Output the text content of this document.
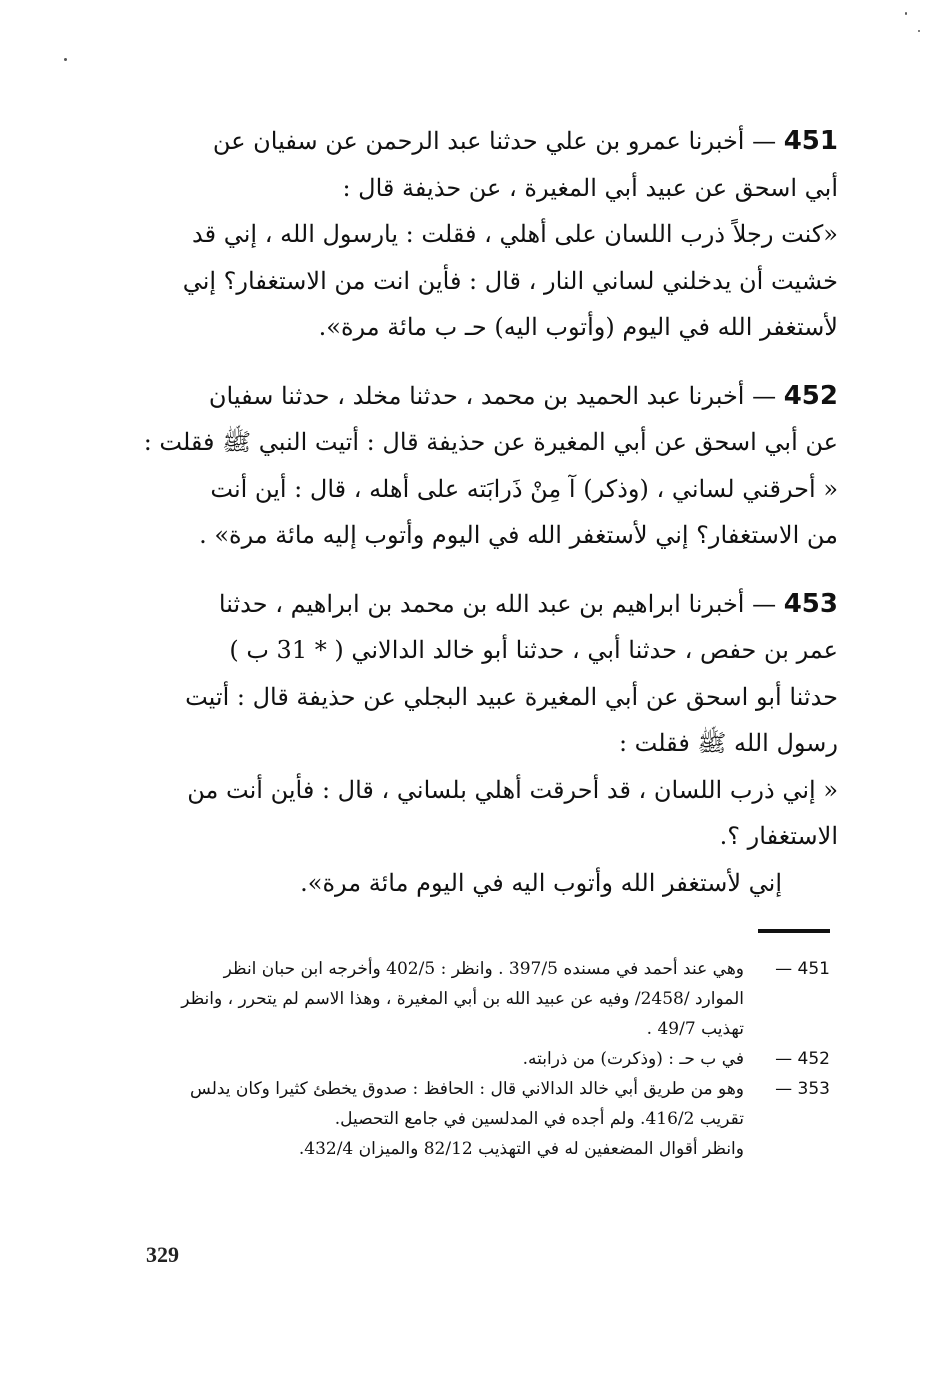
451 — أخبرنا عمرو بن علي حدثنا عبد الرحمن عن سفيان عن
أبي اسحق عن عبيد أبي المغيرة ، عن حذيفة قال :
«كنت رجلاً ذرب اللسان على أهلي ، فقلت : يارسول الله ، إني قد
خشيت أن يدخلني لساني النار ، قال : فأين انت من الاستغفار؟ إني
لأستغفر الله في اليوم (وأتوب اليه) حـ ب مائة مرة».
452 — أخبرنا عبد الحميد بن محمد ، حدثنا مخلد ، حدثنا سفيان
عن أبي اسحق عن أبي المغيرة عن حذيفة قال : أتيت النبي ﷺ فقلت :
« أحرقني لساني ، (وذكر) آ مِنْ ذَرابَته على أهله ، قال : أين أنت
من الاستغفار؟ إني لأستغفر الله في اليوم وأتوب إليه مائة مرة» .
453 — أخبرنا ابراهيم بن عبد الله بن محمد بن ابراهيم ، حدثنا
عمر بن حفص ، حدثنا أبي ، حدثنا أبو خالد الدالاني ( * 31 ب )
حدثنا أبو اسحق عن أبي المغيرة عبيد البجلي عن حذيفة قال : أتيت
رسول الله ﷺ فقلت :
« إني ذرب اللسان ، قد أحرقت أهلي بلساني ، قال : فأين أنت من
الاستغفار ؟.
إني لأستغفر الله وأتوب اليه في اليوم مائة مرة».
451 —
وهي عند أحمد في مسنده 397/5 . وانظر : 402/5 وأخرجه ابن حبان انظر
الموارد /2458/ وفيه عن عبيد الله بن أبي المغيرة ، وهذا الاسم لم يتحرر ، وانظر
تهذيب 49/7 .
452 —
في ب حـ : (وذكرت) من ذرابته.
353 —
وهو من طريق أبي خالد الدالاني قال : الحافظ : صدوق يخطئ كثيرا وكان يدلس
تقريب 416/2. ولم أجده في المدلسين في جامع التحصيل.
وانظر أقوال المضعفين له في التهذيب 82/12 والميزان 432/4.
329
